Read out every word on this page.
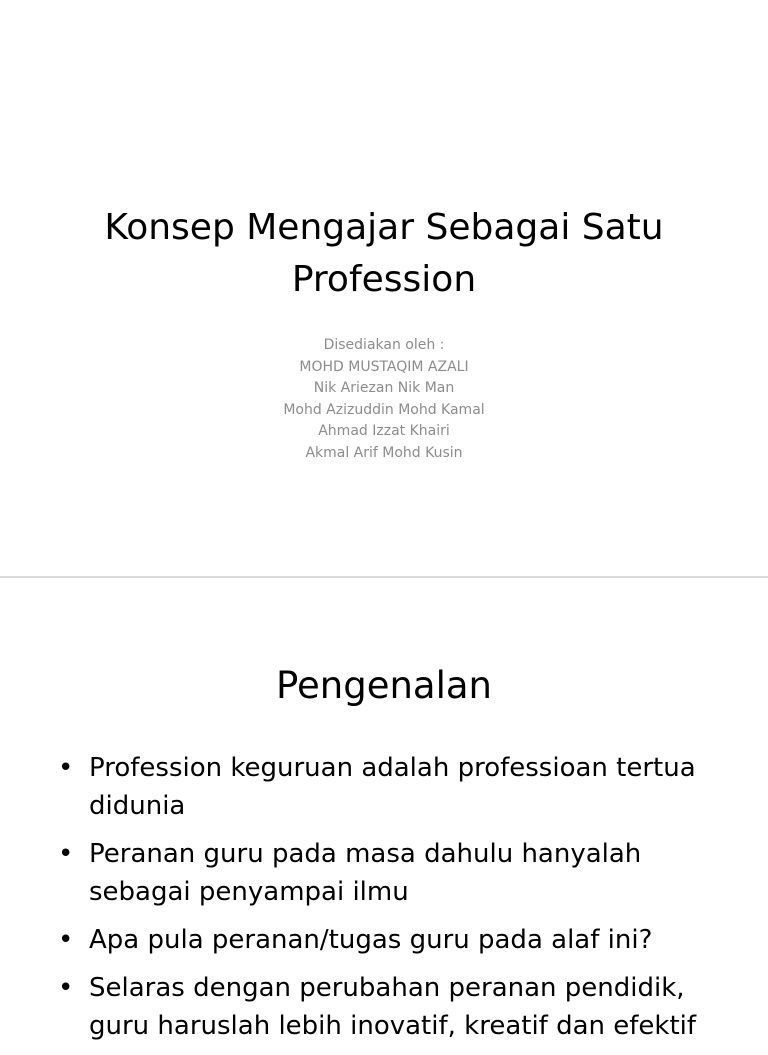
Konsep Mengajar Sebagai Satu
Profession
Disediakan oleh :
MOHD MUSTAQIM AZALI
Nik Ariezan Nik Man
Mohd Azizuddin Mohd Kamal
Ahmad Izzat Khairi
Akmal Arif Mohd Kusin
Pengenalan
• Profession keguruan adalah professioan tertua
didunia
• Peranan guru pada masa dahulu hanyalah
sebagai penyampai ilmu
• Apa pula peranan/tugas guru pada alaf ini?
• Selaras dengan perubahan peranan pendidik,
guru haruslah lebih inovatif, kreatif dan efektif
